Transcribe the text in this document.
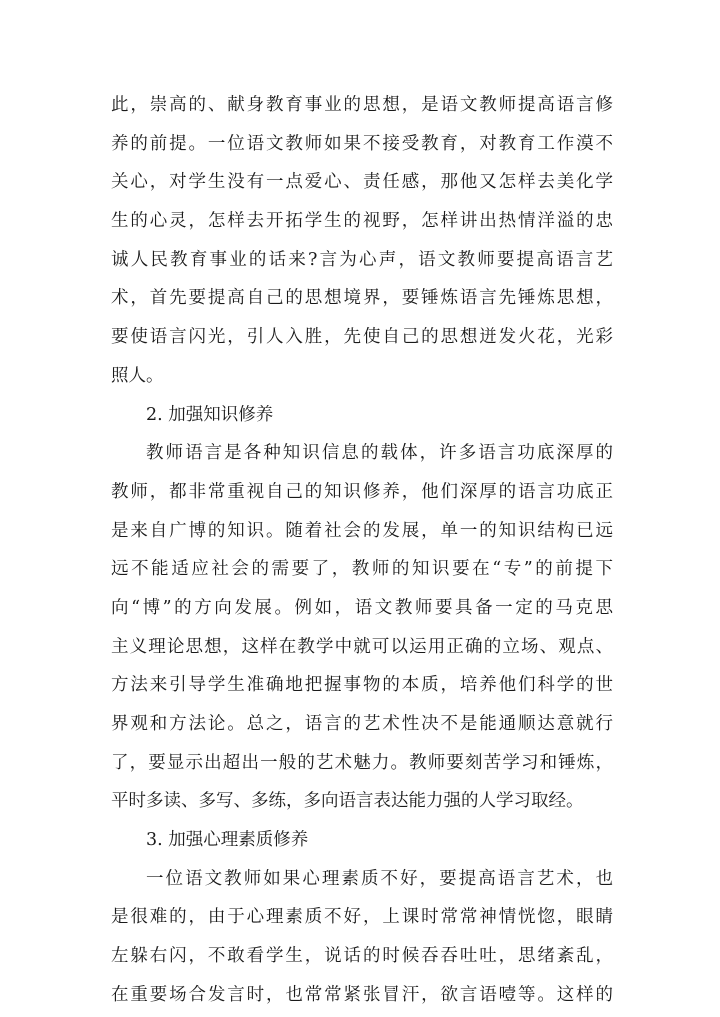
此，崇高的、献身教育事业的思想，是语文教师提高语言修
养的前提。一位语文教师如果不接受教育，对教育工作漠不
关心，对学生没有一点爱心、责任感，那他又怎样去美化学
生的心灵，怎样去开拓学生的视野，怎样讲出热情洋溢的忠
诚人民教育事业的话来?言为心声，语文教师要提高语言艺
术，首先要提高自己的思想境界，要锤炼语言先锤炼思想，
要使语言闪光，引人入胜，先使自己的思想迸发火花，光彩
照人。
2. 加强知识修养
教师语言是各种知识信息的载体，许多语言功底深厚的
教师，都非常重视自己的知识修养，他们深厚的语言功底正
是来自广博的知识。随着社会的发展，单一的知识结构已远
远不能适应社会的需要了，教师的知识要在“专”的前提下
向“博”的方向发展。例如，语文教师要具备一定的马克思
主义理论思想，这样在教学中就可以运用正确的立场、观点、
方法来引导学生准确地把握事物的本质，培养他们科学的世
界观和方法论。总之，语言的艺术性决不是能通顺达意就行
了，要显示出超出一般的艺术魅力。教师要刻苦学习和锤炼，
平时多读、多写、多练，多向语言表达能力强的人学习取经。
3. 加强心理素质修养
一位语文教师如果心理素质不好，要提高语言艺术，也
是很难的，由于心理素质不好，上课时常常神情恍惚，眼睛
左躲右闪，不敢看学生，说话的时候吞吞吐吐，思绪紊乱，
在重要场合发言时，也常常紧张冒汗，欲言语噎等。这样的
